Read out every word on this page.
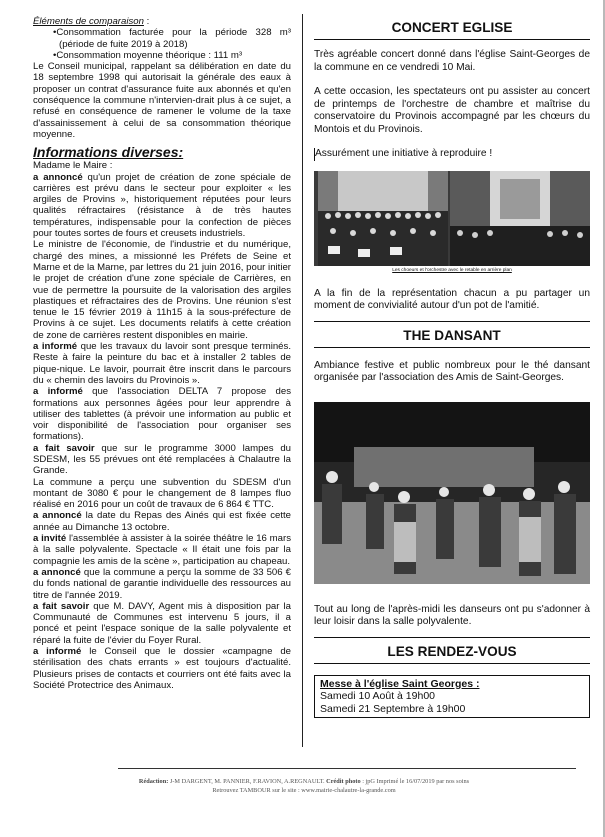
Éléments de comparaison :

•Consommation facturée pour la période 328 m³ (période de fuite 2019 à 2018)
•Consommation moyenne théorique : 111 m³

Le Conseil municipal, rappelant sa délibération en date du 18 septembre 1998 qui autorisait la générale des eaux à proposer un contrat d'assurance fuite aux abonnés et qu'en conséquence la commune n'intervien-drait plus à ce sujet, a refusé en conséquence de ramener le volume de la taxe d'assainissement à celui de sa consommation théorique moyenne.

Informations diverses:

Madame le Maire :

a annoncé qu'un projet de création de zone spéciale de carrières est prévu dans le secteur pour exploiter « les argiles de Provins », historiquement réputées pour leurs qualités réfractaires (résistance à de très hautes températures, indispensable pour la confection de pièces pour toutes sortes de fours et creusets industriels.

Le ministre de l'économie, de l'industrie et du numérique, chargé des mines, a missionné les Préfets de Seine et Marne et de la Marne, par lettres du 21 juin 2016, pour initier le projet de création d'une zone spéciale de Carrières, en vue de permettre la poursuite de la valorisation des argiles plastiques et réfractaires des de Provins. Une réunion s'est tenue le 15 février 2019 à 11h15 à la sous-préfecture de Provins à ce sujet. Les documents relatifs à cette création de zone de carrières restent disponibles en mairie.

a informé que les travaux du lavoir sont presque terminés. Reste à faire la peinture du bac et à installer 2 tables de pique-nique. Le lavoir, pourrait être inscrit dans le parcours du « chemin des lavoirs du Provinois ».

a informé que l'association DELTA 7 propose des formations aux personnes âgées pour leur apprendre à utiliser des tablettes (à prévoir une information au public et voir disponibilité de l'association pour organiser ses formations).

a fait savoir que sur le programme 3000 lampes du SDESM, les 55 prévues ont été remplacées à Chalautre la Grande.

La commune a perçu une subvention du SDESM d'un montant de 3080 € pour le changement de 8 lampes fluo réalisé en 2016 pour un coût de travaux de 6 864 € TTC.

a annoncé la date du Repas des Ainés qui est fixée cette année au Dimanche 13 octobre.

a invité l'assemblée à assister à la soirée théâtre le 16 mars à la salle polyvalente. Spectacle « Il était une fois par la compagnie les amis de la scène », participation au chapeau.

a annoncé que la commune a perçu la somme de 33 506 € du fonds national de garantie individuelle des ressources au titre de l'année 2019.

a fait savoir que M. DAVY, Agent mis à disposition par la Communauté de Communes est intervenu 5 jours, il a poncé et peint l'espace sonique de la salle polyvalente et réparé la fuite de l'évier du Foyer Rural.

a informé le Conseil que le dossier «campagne de stérilisation des chats errants » est toujours d'actualité. Plusieurs prises de contacts et courriers ont été faits avec la Société Protectrice des Animaux.

CONCERT EGLISE

Très agréable concert donné dans l'église Saint-Georges de la commune en ce vendredi 10 Mai.

A cette occasion, les spectateurs ont pu assister au concert de printemps de l'orchestre de chambre et maîtrise du conservatoire du Provinois accompagné par les chœurs du Montois et du Provinois.

Assurément une initiative à reproduire !

Les choeurs et l'orchestre avec le retable en arrière plan

A la fin de la représentation chacun a pu partager un moment de convivialité autour d'un pot de l'amitié.

THE DANSANT

Ambiance festive et public nombreux pour le thé dansant organisée par l'association des Amis de Saint-Georges.

Tout au long de l'après-midi les danseurs ont pu s'adonner à leur loisir dans la salle polyvalente.

LES RENDEZ-VOUS
Messe à l'église Saint Georges :
Samedi 10 Août à 19h00
Samedi 21 Septembre à 19h00
Rédaction: J-M DARGENT, M. PANNIER, F.RAVION, A.REGNAULT. Crédit photo : jpG Imprimé le 16/07/2019 par nos soins
Retrouvez TAMBOUR sur le site : www.mairie-chalautre-la-grande.com
